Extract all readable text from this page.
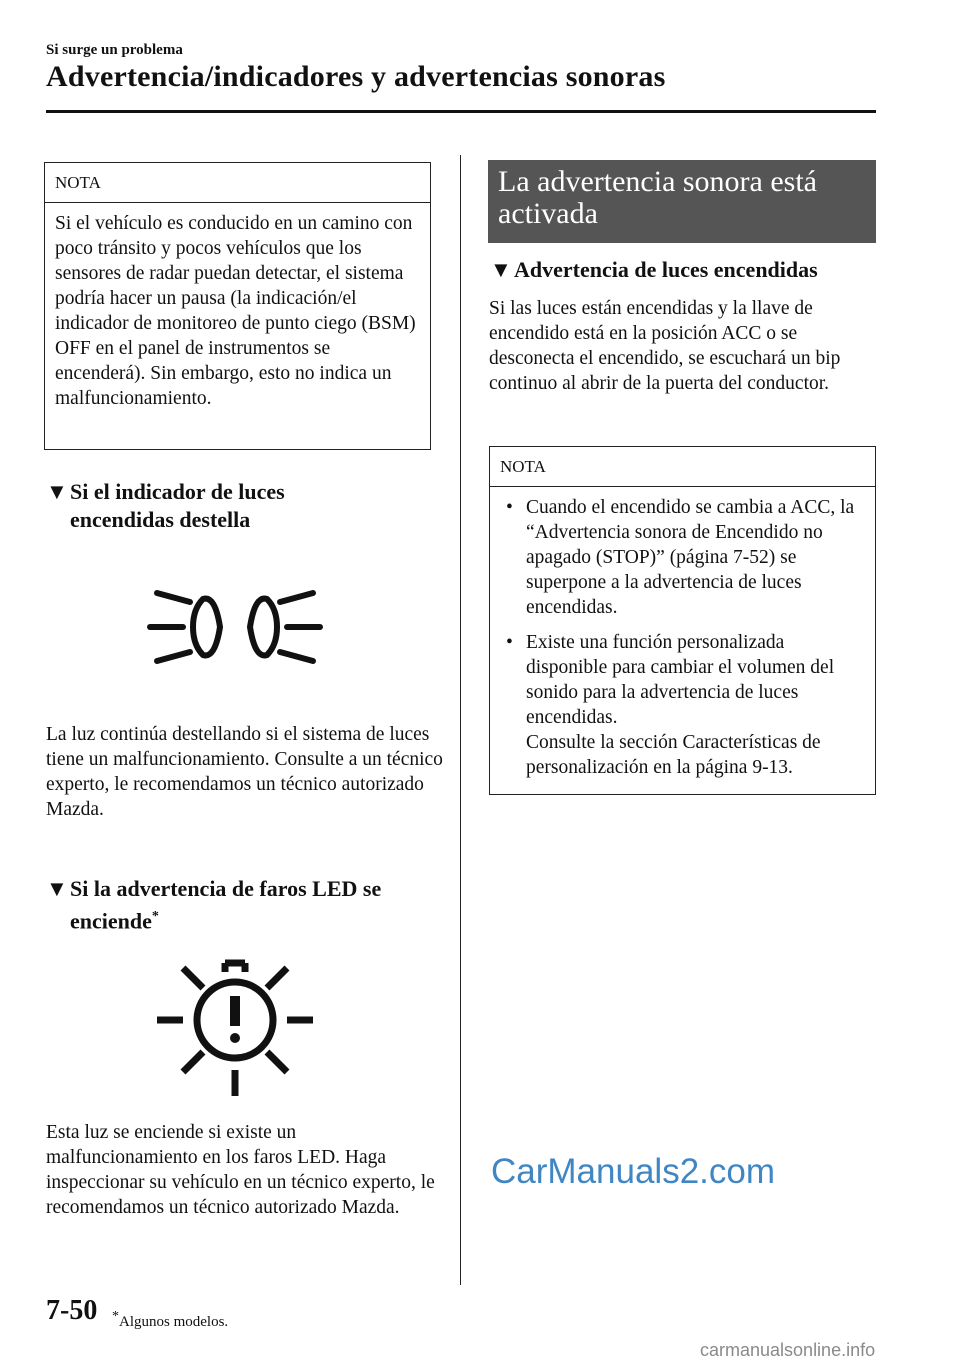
Si surge un problema
Advertencia/indicadores y advertencias sonoras
NOTA
Si el vehículo es conducido en un camino con poco tránsito y pocos vehículos que los sensores de radar puedan detectar, el sistema podría hacer un pausa (la indicación/el indicador de monitoreo de punto ciego (BSM) OFF en el panel de instrumentos se encenderá). Sin embargo, esto no indica un malfuncionamiento.
▼ Si el indicador de luces
encendidas destella
La luz continúa destellando si el sistema de luces tiene un malfuncionamiento. Consulte a un técnico experto, le recomendamos un técnico autorizado Mazda.
▼ Si la advertencia de faros LED se
enciende*
Esta luz se enciende si existe un malfuncionamiento en los faros LED. Haga inspeccionar su vehículo en un técnico experto, le recomendamos un técnico autorizado Mazda.
La advertencia sonora está activada
▼ Advertencia de luces encendidas
Si las luces están encendidas y la llave de encendido está en la posición ACC o se desconecta el encendido, se escuchará un bip continuo al abrir de la puerta del conductor.
NOTA
• Cuando el encendido se cambia a ACC, la “Advertencia sonora de Encendido no apagado (STOP)” (página 7-52) se superpone a la advertencia de luces encendidas.
• Existe una función personalizada disponible para cambiar el volumen del sonido para la advertencia de luces encendidas.
Consulte la sección Características de personalización en la página 9-13.
7-50 *Algunos modelos.
CarManuals2.com
carmanualsonline.info
